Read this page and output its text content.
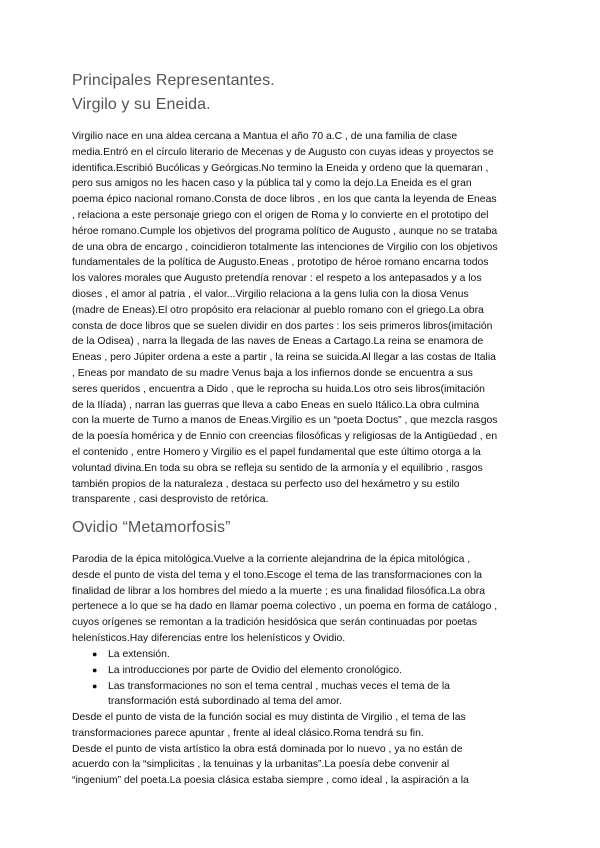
Principales Representantes.
Virgilo y su Eneida.
Virgilio nace en una aldea cercana a Mantua el año 70 a.C , de una familia de clase
media.Entró en el círculo literario de Mecenas y de Augusto con cuyas ideas y proyectos se
identifica.Escribió Bucólicas y Geórgicas.No termino la Eneida y ordeno que la quemaran ,
pero sus amigos no les hacen caso y la pública tal y como la dejo.La Eneida es el gran
poema épico nacional romano.Consta de doce libros , en los que canta la leyenda de Eneas
, relaciona a este personaje griego con el origen de Roma y lo convierte en el prototipo del
héroe romano.Cumple los objetivos del programa político de Augusto , aunque no se trataba
de una obra de encargo , coincidieron totalmente las intenciones de Virgilio con los objetivos
fundamentales de la política de Augusto.Eneas , prototipo de héroe romano encarna todos
los valores morales que Augusto pretendía renovar : el respeto a los antepasados y a los
dioses , el amor al patria , el valor...Virgilio relaciona a la gens Iulia con la diosa Venus
(madre de Eneas).El otro propósito era relacionar al pueblo romano con el griego.La obra
consta de doce libros que se suelen dividir en dos partes : los seis primeros libros(imitación
de la Odisea) , narra la llegada de las naves de Eneas a Cartago.La reina se enamora de
Eneas , pero Júpiter ordena a este a partir , la reina se suicida.Al llegar a las costas de Italia
, Eneas por mandato de su madre Venus baja a los infiernos donde se encuentra a sus
seres queridos , encuentra a Dido , que le reprocha su huida.Los otro seis libros(imitación
de la Ilíada) , narran las guerras que lleva a cabo Eneas en suelo Itálico.La obra culmina
con la muerte de Turno a manos de Eneas.Virgilio es un “poeta Doctus” , que mezcla rasgos
de la poesía homérica y de Ennio con creencias filosóficas y religiosas de la Antigüedad , en
el contenido , entre Homero y Virgilio es el papel fundamental que este último otorga a la
voluntad divina.En toda su obra se refleja su sentido de la armonía y el equilibrio , rasgos
también propios de la naturaleza , destaca su perfecto uso del hexámetro y su estilo
transparente , casi desprovisto de retórica.
Ovidio “Metamorfosis”
Parodia de la épica mitológica.Vuelve a la corriente alejandrina de la épica mitológica ,
desde el punto de vista del tema y el tono.Escoge el tema de las transformaciones con la
finalidad de librar a los hombres del miedo a la muerte ; es una finalidad filosófica.La obra
pertenece a lo que se ha dado en llamar poema colectivo , un poema en forma de catálogo ,
cuyos orígenes se remontan a la tradición hesidósica que serán continuadas por poetas
helenísticos.Hay diferencias entre los helenísticos y Ovidio.
● La extensión.
● La introducciones por parte de Ovidio del elemento cronológico.
● Las transformaciones no son el tema central , muchas veces el tema de la
transformación está subordinado al tema del amor.
Desde el punto de vista de la función social es muy distinta de Virgilio , el tema de las
transformaciones parece apuntar , frente al ideal clásico.Roma tendrá su fin.
Desde el punto de vista artístico la obra está dominada por lo nuevo , ya no están de
acuerdo con la “simplicitas , la tenuinas y la urbanitas”.La poesía debe convenir al
“ingenium” del poeta.La poesia clásica estaba siempre , como ideal , la aspiración a la
